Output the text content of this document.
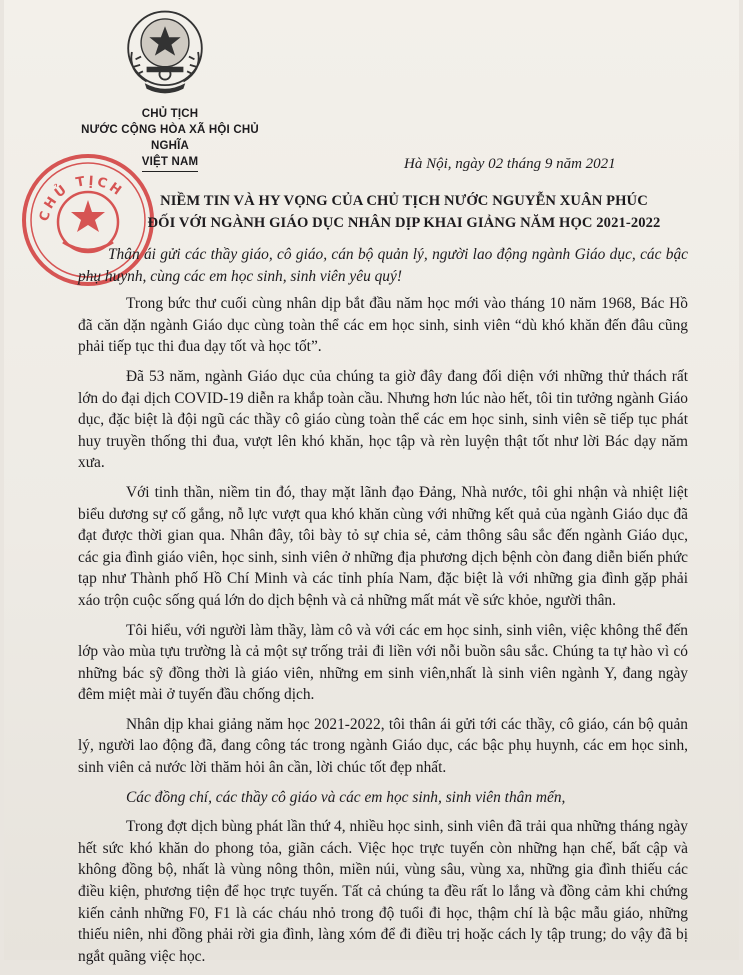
CHỦ TỊCH
NƯỚC CỘNG HÒA XÃ HỘI CHỦ NGHĨA
VIỆT NAM
CHỦ TỊCH
Hà Nội, ngày 02 tháng 9 năm 2021
NIỀM TIN VÀ HY VỌNG CỦA CHỦ TỊCH NƯỚC NGUYỄN XUÂN PHÚC
ĐỐI VỚI NGÀNH GIÁO DỤC NHÂN DỊP KHAI GIẢNG NĂM HỌC 2021-2022

Thân ái gửi các thầy giáo, cô giáo, cán bộ quản lý, người lao động ngành Giáo dục, các bậc phụ huynh, cùng các em học sinh, sinh viên yêu quý!

Trong bức thư cuối cùng nhân dịp bắt đầu năm học mới vào tháng 10 năm 1968, Bác Hồ đã căn dặn ngành Giáo dục cùng toàn thể các em học sinh, sinh viên “dù khó khăn đến đâu cũng phải tiếp tục thi đua dạy tốt và học tốt”.

Đã 53 năm, ngành Giáo dục của chúng ta giờ đây đang đối diện với những thử thách rất lớn do đại dịch COVID-19 diễn ra khắp toàn cầu. Nhưng hơn lúc nào hết, tôi tin tưởng ngành Giáo dục, đặc biệt là đội ngũ các thầy cô giáo cùng toàn thể các em học sinh, sinh viên sẽ tiếp tục phát huy truyền thống thi đua, vượt lên khó khăn, học tập và rèn luyện thật tốt như lời Bác dạy năm xưa.

Với tinh thần, niềm tin đó, thay mặt lãnh đạo Đảng, Nhà nước, tôi ghi nhận và nhiệt liệt biểu dương sự cố gắng, nỗ lực vượt qua khó khăn cùng với những kết quả của ngành Giáo dục đã đạt được thời gian qua. Nhân đây, tôi bày tỏ sự chia sẻ, cảm thông sâu sắc đến ngành Giáo dục, các gia đình giáo viên, học sinh, sinh viên ở những địa phương dịch bệnh còn đang diễn biến phức tạp như Thành phố Hồ Chí Minh và các tỉnh phía Nam, đặc biệt là với những gia đình gặp phải xáo trộn cuộc sống quá lớn do dịch bệnh và cả những mất mát về sức khỏe, người thân.

Tôi hiểu, với người làm thầy, làm cô và với các em học sinh, sinh viên, việc không thể đến lớp vào mùa tựu trường là cả một sự trống trải đi liền với nỗi buồn sâu sắc. Chúng ta tự hào vì có những bác sỹ đồng thời là giáo viên, những em sinh viên,nhất là sinh viên ngành Y, đang ngày đêm miệt mài ở tuyến đầu chống dịch.

Nhân dịp khai giảng năm học 2021-2022, tôi thân ái gửi tới các thầy, cô giáo, cán bộ quản lý, người lao động đã, đang công tác trong ngành Giáo dục, các bậc phụ huynh, các em học sinh, sinh viên cả nước lời thăm hỏi ân cần, lời chúc tốt đẹp nhất.

Các đồng chí, các thầy cô giáo và các em học sinh, sinh viên thân mến,

Trong đợt dịch bùng phát lần thứ 4, nhiều học sinh, sinh viên đã trải qua những tháng ngày hết sức khó khăn do phong tỏa, giãn cách. Việc học trực tuyến còn những hạn chế, bất cập và không đồng bộ, nhất là vùng nông thôn, miền núi, vùng sâu, vùng xa, những gia đình thiếu các điều kiện, phương tiện để học trực tuyến. Tất cả chúng ta đều rất lo lắng và đồng cảm khi chứng kiến cảnh những F0, F1 là các cháu nhỏ trong độ tuổi đi học, thậm chí là bậc mẫu giáo, những thiếu niên, nhi đồng phải rời gia đình, làng xóm để đi điều trị hoặc cách ly tập trung; do vậy đã bị ngắt quãng việc học.
